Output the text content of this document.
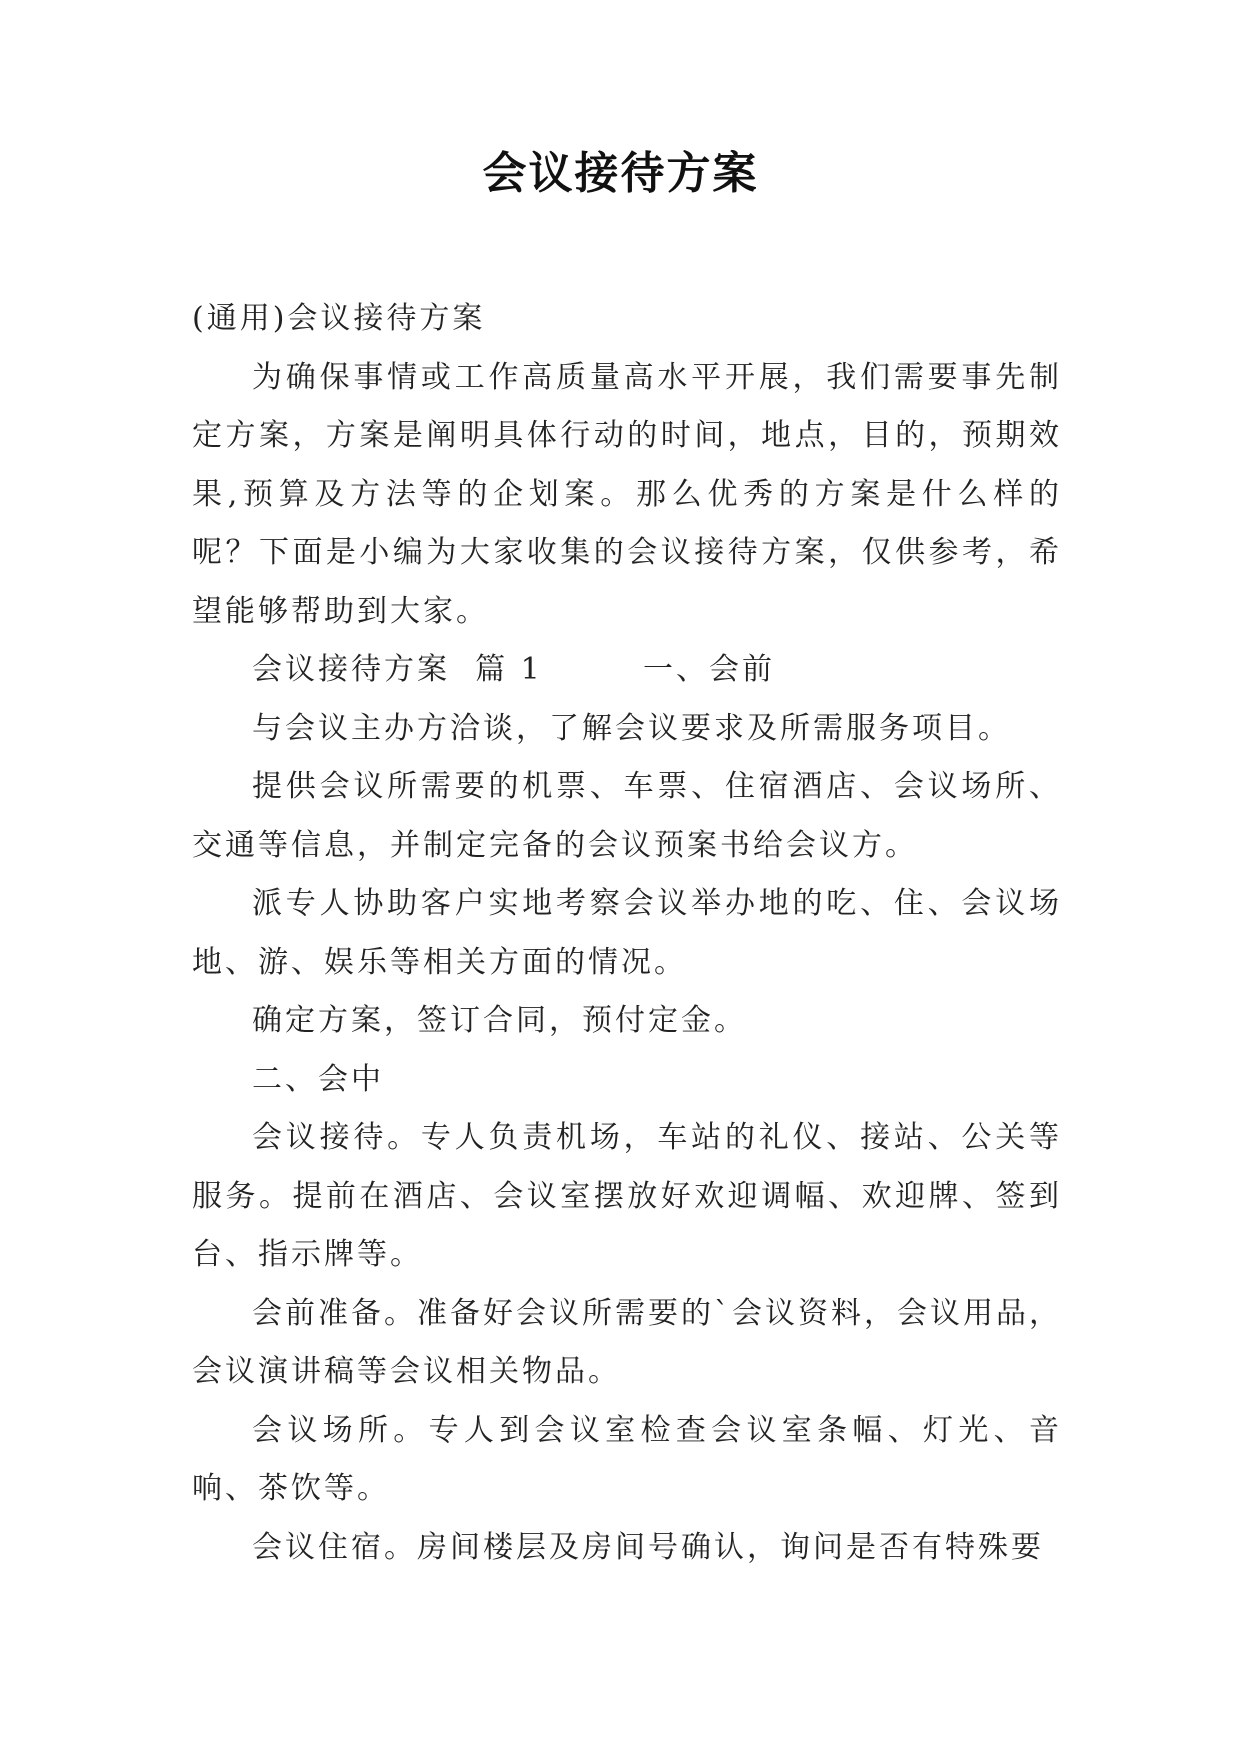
会议接待方案

(通用)会议接待方案

为确保事情或工作高质量高水平开展，我们需要事先制定方案，方案是阐明具体行动的时间，地点，目的，预期效果,预算及方法等的企划案。那么优秀的方案是什么样的呢？下面是小编为大家收集的会议接待方案，仅供参考，希望能够帮助到大家。

会议接待方案  篇 1        一、会前

与会议主办方洽谈，了解会议要求及所需服务项目。

提供会议所需要的机票、车票、住宿酒店、会议场所、交通等信息，并制定完备的会议预案书给会议方。

派专人协助客户实地考察会议举办地的吃、住、会议场地、游、娱乐等相关方面的情况。

确定方案，签订合同，预付定金。

二、会中

会议接待。专人负责机场，车站的礼仪、接站、公关等服务。提前在酒店、会议室摆放好欢迎调幅、欢迎牌、签到台、指示牌等。

会前准备。准备好会议所需要的`会议资料，会议用品，会议演讲稿等会议相关物品。

会议场所。专人到会议室检查会议室条幅、灯光、音响、茶饮等。

会议住宿。房间楼层及房间号确认，询问是否有特殊要
